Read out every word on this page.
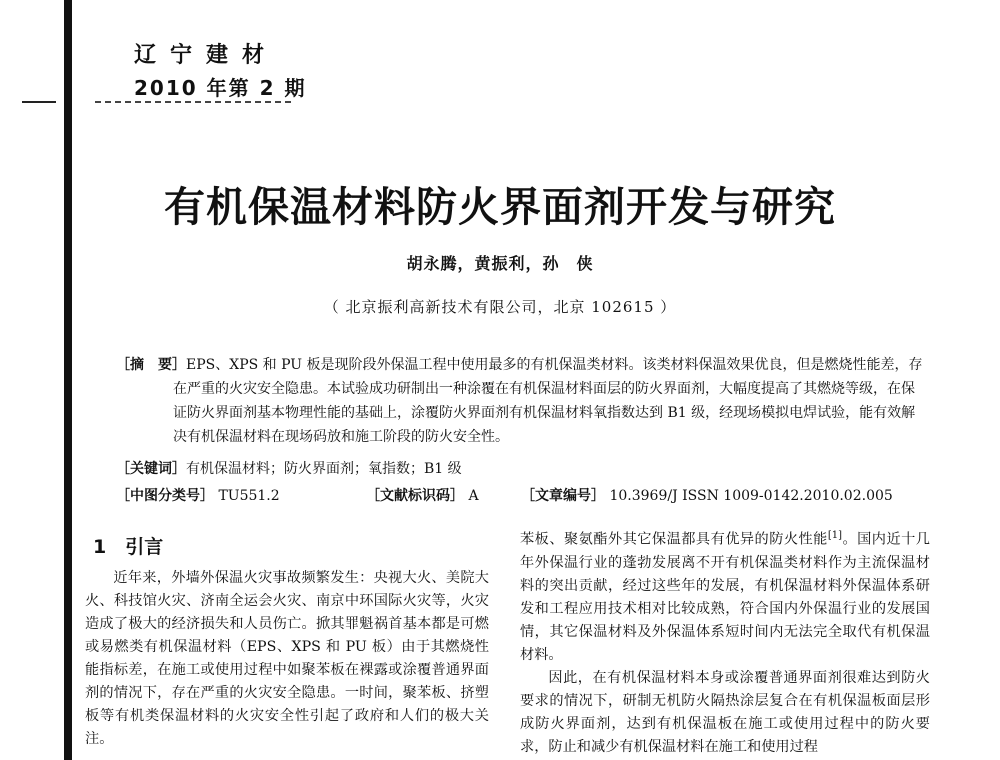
辽宁建材
2010 年第 2 期
有机保温材料防火界面剂开发与研究
胡永腾，黄振利，孙　侠
（ 北京振利高新技术有限公司，北京 102615 ）
［摘　要］EPS、XPS 和 PU 板是现阶段外保温工程中使用最多的有机保温类材料。该类材料保温效果优良，但是燃烧性能差，存在严重的火灾安全隐患。本试验成功研制出一种涂覆在有机保温材料面层的防火界面剂，大幅度提高了其燃烧等级，在保证防火界面剂基本物理性能的基础上，涂覆防火界面剂有机保温材料氧指数达到 B1 级，经现场模拟电焊试验，能有效解决有机保温材料在现场码放和施工阶段的防火安全性。
［关键词］有机保温材料；防火界面剂；氧指数；B1 级
［中图分类号］ TU551.2	［文献标识码］ A	［文章编号］ 10.3969/J ISSN 1009-0142.2010.02.005
1　引言

近年来，外墙外保温火灾事故频繁发生：央视大火、美院大火、科技馆火灾、济南全运会火灾、南京中环国际火灾等，火灾造成了极大的经济损失和人员伤亡。掀其罪魁祸首基本都是可燃或易燃类有机保温材料（EPS、XPS 和 PU 板）由于其燃烧性能指标差，在施工或使用过程中如聚苯板在裸露或涂覆普通界面剂的情况下，存在严重的火灾安全隐患。一时间，聚苯板、挤塑板等有机类保温材料的火灾安全性引起了政府和人们的极大关注。

苯板、聚氨酯外其它保温都具有优异的防火性能[1]。国内近十几年外保温行业的蓬勃发展离不开有机保温类材料作为主流保温材料的突出贡献，经过这些年的发展，有机保温材料外保温体系研发和工程应用技术相对比较成熟，符合国内外保温行业的发展国情，其它保温材料及外保温体系短时间内无法完全取代有机保温材料。

因此，在有机保温材料本身或涂覆普通界面剂很难达到防火要求的情况下，研制无机防火隔热涂层复合在有机保温板面层形成防火界面剂，达到有机保温板在施工或使用过程中的防火要求，防止和减少有机保温材料在施工和使用过程
